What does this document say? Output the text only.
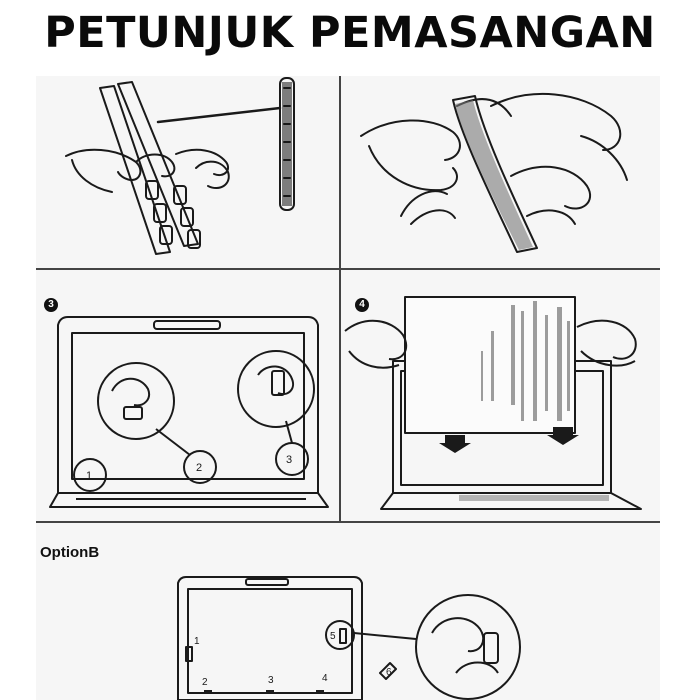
PETUNJUK PEMASANGAN
3
1
2
3
4
OptionB
1
2	3	4
5
6
